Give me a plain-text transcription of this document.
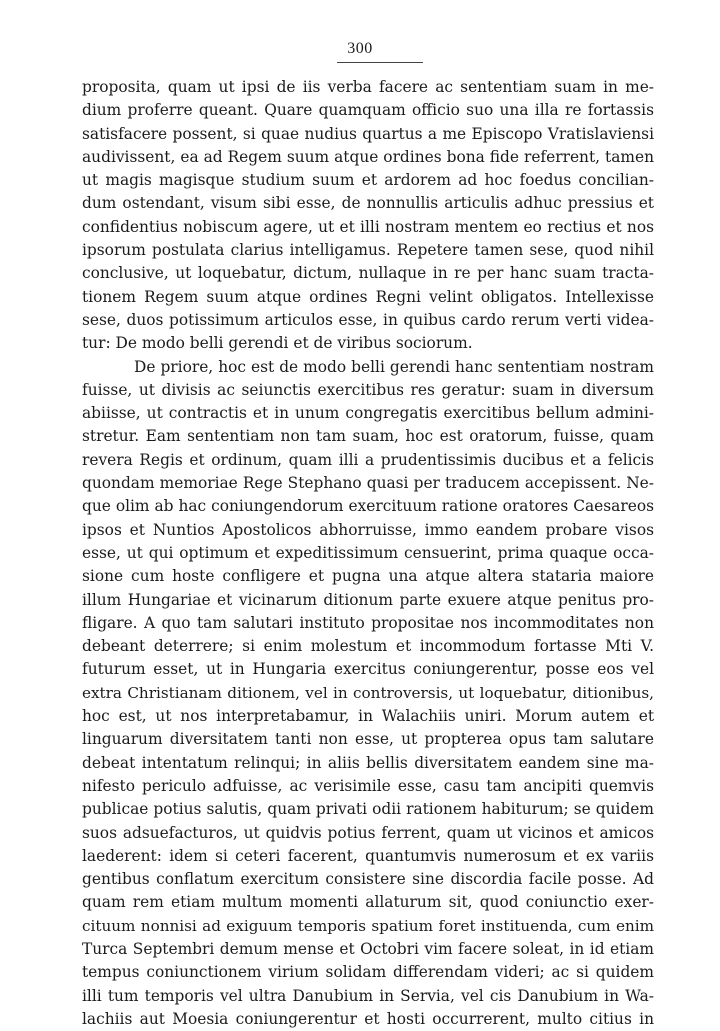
300
proposita, quam ut ipsi de iis verba facere ac sententiam suam in me-
dium proferre queant. Quare quamquam officio suo una illa re fortassis
satisfacere possent, si quae nudius quartus a me Episcopo Vratislaviensi
audivissent, ea ad Regem suum atque ordines bona fide referrent, tamen
ut magis magisque studium suum et ardorem ad hoc foedus concilian-
dum ostendant, visum sibi esse, de nonnullis articulis adhuc pressius et
confidentius nobiscum agere, ut et illi nostram mentem eo rectius et nos
ipsorum postulata clarius intelligamus. Repetere tamen sese, quod nihil
conclusive, ut loquebatur, dictum, nullaque in re per hanc suam tracta-
tionem Regem suum atque ordines Regni velint obligatos. Intellexisse
sese, duos potissimum articulos esse, in quibus cardo rerum verti videa-
tur: De modo belli gerendi et de viribus sociorum.
De priore, hoc est de modo belli gerendi hanc sententiam nostram
fuisse, ut divisis ac seiunctis exercitibus res geratur: suam in diversum
abiisse, ut contractis et in unum congregatis exercitibus bellum admini-
stretur. Eam sententiam non tam suam, hoc est oratorum, fuisse, quam
revera Regis et ordinum, quam illi a prudentissimis ducibus et a felicis
quondam memoriae Rege Stephano quasi per traducem accepissent. Ne-
que olim ab hac coniungendorum exercituum ratione oratores Caesareos
ipsos et Nuntios Apostolicos abhorruisse, immo eandem probare visos
esse, ut qui optimum et expeditissimum censuerint, prima quaque occa-
sione cum hoste confligere et pugna una atque altera stataria maiore
illum Hungariae et vicinarum ditionum parte exuere atque penitus pro-
fligare. A quo tam salutari instituto propositae nos incommoditates non
debeant deterrere; si enim molestum et incommodum fortasse Mti V.
futurum esset, ut in Hungaria exercitus coniungerentur, posse eos vel
extra Christianam ditionem, vel in controversis, ut loquebatur, ditionibus,
hoc est, ut nos interpretabamur, in Walachiis uniri. Morum autem et
linguarum diversitatem tanti non esse, ut propterea opus tam salutare
debeat intentatum relinqui; in aliis bellis diversitatem eandem sine ma-
nifesto periculo adfuisse, ac verisimile esse, casu tam ancipiti quemvis
publicae potius salutis, quam privati odii rationem habiturum; se quidem
suos adsuefacturos, ut quidvis potius ferrent, quam ut vicinos et amicos
laederent: idem si ceteri facerent, quantumvis numerosum et ex variis
gentibus conflatum exercitum consistere sine discordia facile posse. Ad
quam rem etiam multum momenti allaturum sit, quod coniunctio exer-
cituum nonnisi ad exiguum temporis spatium foret instituenda, cum enim
Turca Septembri demum mense et Octobri vim facere soleat, in id etiam
tempus coniunctionem virium solidam differendam videri; ac si quidem
illi tum temporis vel ultra Danubium in Servia, vel cis Danubium in Wa-
lachiis aut Moesia coniungerentur et hosti occurrerent, multo citius in
